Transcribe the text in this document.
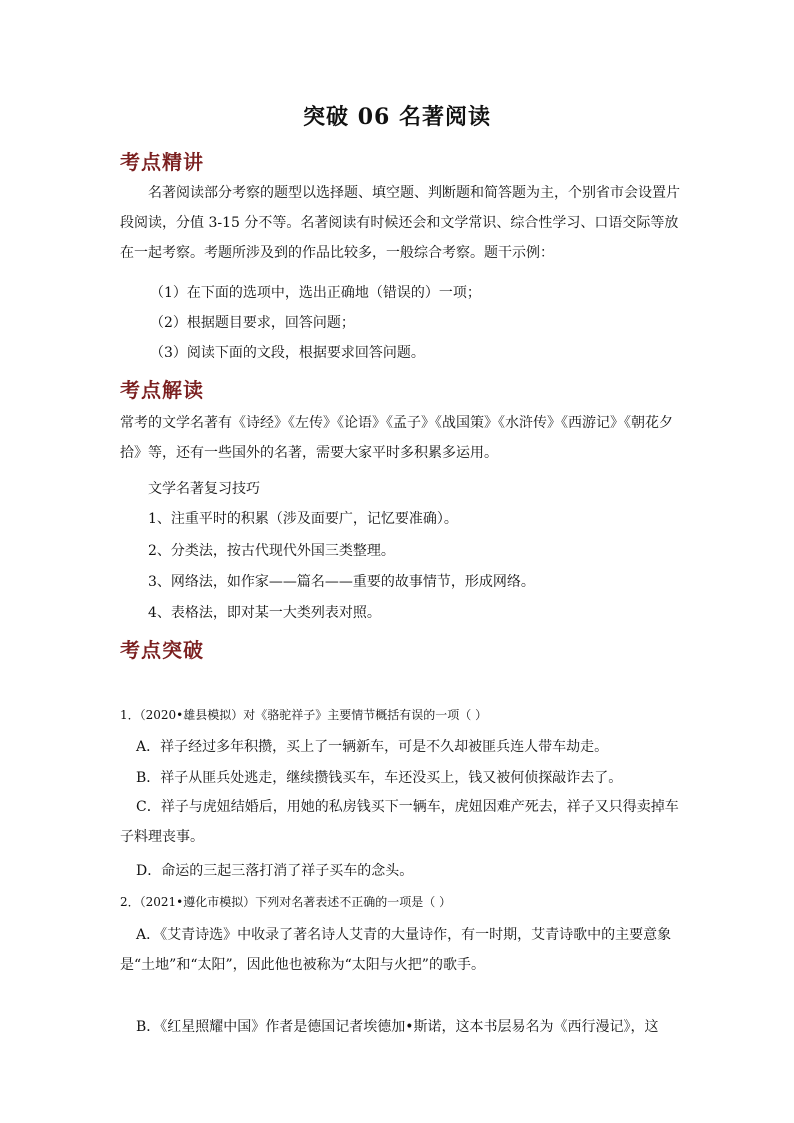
突破 06 名著阅读
考点精讲
名著阅读部分考察的题型以选择题、填空题、判断题和简答题为主，个别省市会设置片段阅读，分值 3-15 分不等。名著阅读有时候还会和文学常识、综合性学习、口语交际等放在一起考察。考题所涉及到的作品比较多，一般综合考察。题干示例：
（1）在下面的选项中，选出正确地（错误的）一项；
（2）根据题目要求，回答问题；
（3）阅读下面的文段，根据要求回答问题。
考点解读
常考的文学名著有《诗经》《左传》《论语》《孟子》《战国策》《水浒传》《西游记》《朝花夕拾》等，还有一些国外的名著，需要大家平时多积累多运用。
文学名著复习技巧
1、注重平时的积累（涉及面要广，记忆要准确）。
2、分类法，按古代现代外国三类整理。
3、网络法，如作家——篇名——重要的故事情节，形成网络。
4、表格法，即对某一大类列表对照。
考点突破
1．（2020•雄县模拟）对《骆驼祥子》主要情节概括有误的一项（ ）
A．祥子经过多年积攒，买上了一辆新车，可是不久却被匪兵连人带车劫走。
B．祥子从匪兵处逃走，继续攒钱买车，车还没买上，钱又被何侦探敲诈去了。
C．祥子与虎妞结婚后，用她的私房钱买下一辆车，虎妞因难产死去，祥子又只得卖掉车子料理丧事。
D．命运的三起三落打消了祥子买车的念头。
2．（2021•遵化市模拟）下列对名著表述不正确的一项是（ ）
A．《艾青诗选》中收录了著名诗人艾青的大量诗作，有一时期，艾青诗歌中的主要意象是“土地”和“太阳”，因此他也被称为“太阳与火把”的歌手。
B．《红星照耀中国》作者是德国记者埃德加•斯诺，这本书层易名为《西行漫记》，这
